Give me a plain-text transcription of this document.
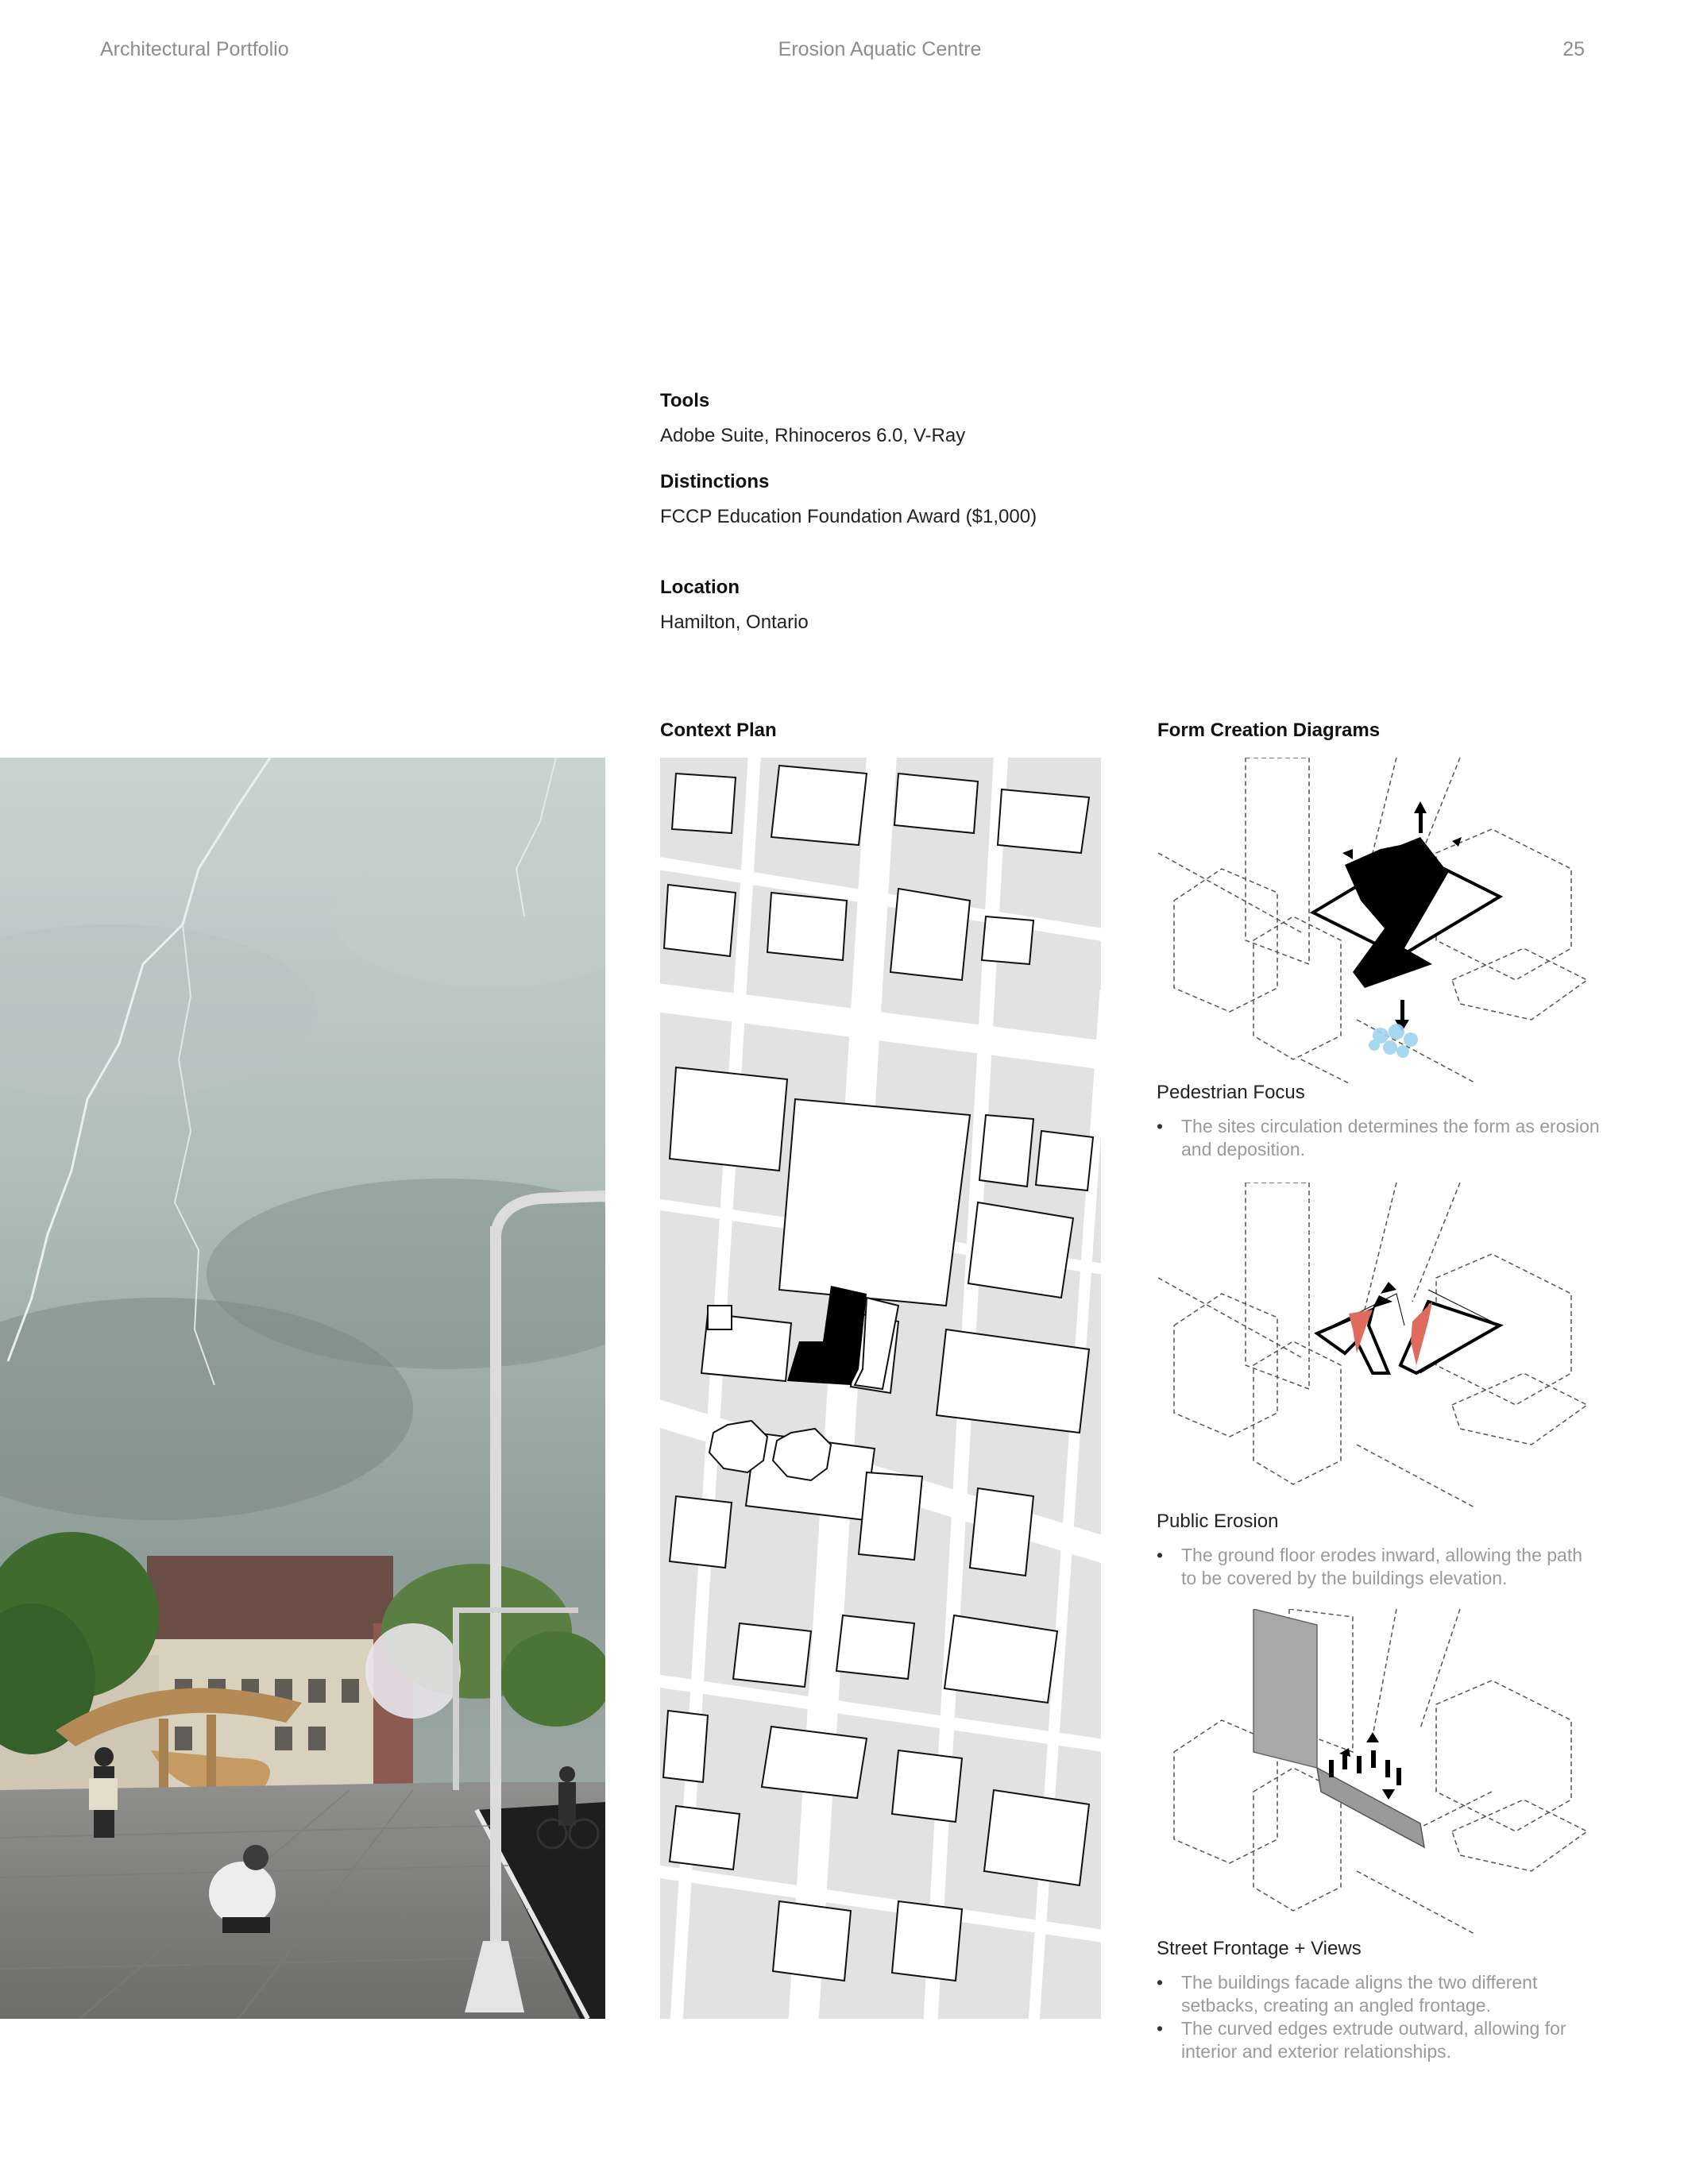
Architectural Portfolio	Erosion Aquatic Centre	25
Tools
Adobe Suite, Rhinoceros 6.0, V-Ray
Distinctions
FCCP Education Foundation Award ($1,000)
Location
Hamilton, Ontario
Context Plan	Form Creation Diagrams
Pedestrian Focus
• The sites circulation determines the form as erosion and deposition.
Public Erosion
• The ground floor erodes inward, allowing the path to be covered by the buildings elevation.
Street Frontage + Views
• The buildings facade aligns the two different setbacks, creating an angled frontage.
• The curved edges extrude outward, allowing for interior and exterior relationships.
